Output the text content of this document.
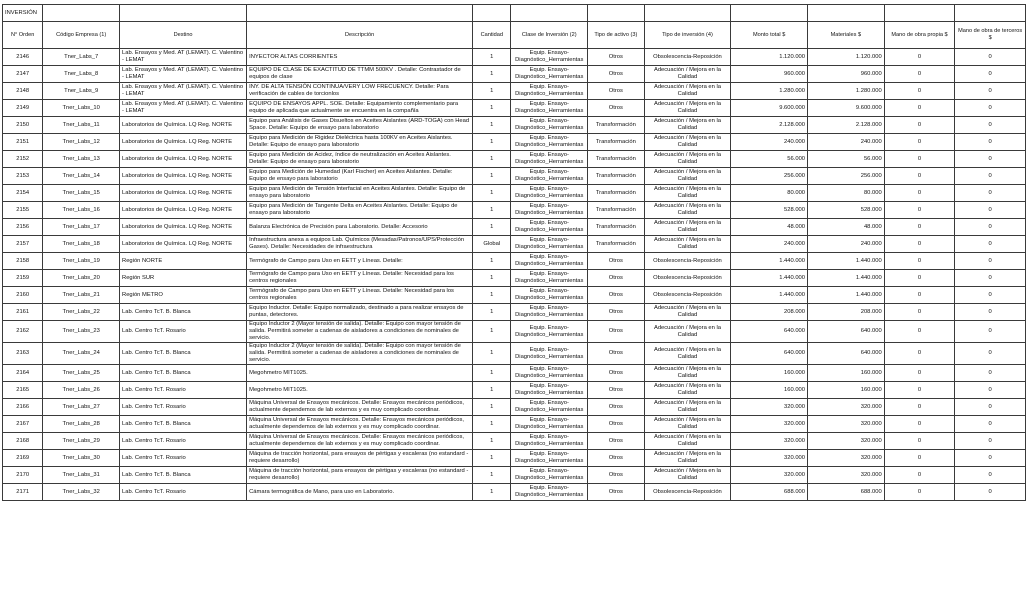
INVERSIÓN											
N° Orden	Código Empresa (1)	Destino	Descripción	Cantidad	Clase de Inversión (2)	Tipo de activo (3)	Tipo de inversión (4)	Monto total $	Materiales $	Mano de obra propia $	Mano de obra de terceros $
2146	Tner_Labs_7	Lab. Ensayos y Med. AT (LEMAT). C. Valentino - LEMAT	INYECTOR ALTAS CORRIENTES	1	Equip. Ensayo-Diagnóstico_Herramientas	Otros	Obsolescencia-Reposición	1.120.000	1.120.000	0	0
2147	Tner_Labs_8	Lab. Ensayos y Med. AT (LEMAT). C. Valentino - LEMAT	EQUIPO DE CLASE DE EXACTITUD DE TTMM 500KV . Detalle: Contrastador de equipos de clase	1	Equip. Ensayo-Diagnóstico_Herramientas	Otros	Adecuación / Mejora en la Calidad	960.000	960.000	0	0
2148	Tner_Labs_9	Lab. Ensayos y Med. AT (LEMAT). C. Valentino - LEMAT	INY. DE ALTA TENSIÓN CONTINUA/VERY LOW FRECUENCY. Detalle: Para verificación de cables de torcionlos	1	Equip. Ensayo-Diagnóstico_Herramientas	Otros	Adecuación / Mejora en la Calidad	1.280.000	1.280.000	0	0
2149	Tner_Labs_10	Lab. Ensayos y Med. AT (LEMAT). C. Valentino - LEMAT	EQUIPO DE ENSAYOS APPL. SOE. Detalle: Equipamiento complementario para equipo de aplicada que actualmente se encuentra en la compañía	1	Equip. Ensayo-Diagnóstico_Herramientas	Otros	Adecuación / Mejora en la Calidad	9.600.000	9.600.000	0	0
2150	Tner_Labs_11	Laboratorios de Química. LQ Reg. NORTE	Equipo para Análisis de Gases Disueltos en Aceites Aislantes (ARD-TOGA) con Head Space. Detalle: Equipo de ensayo para laboratorio	1	Equip. Ensayo-Diagnóstico_Herramientas	Transformación	Adecuación / Mejora en la Calidad	2.128.000	2.128.000	0	0
2151	Tner_Labs_12	Laboratorios de Química. LQ Reg. NORTE	Equipo para Medición de Rigidez Dieléctrica hasta 100KV en Aceites Aislantes. Detalle: Equipo de ensayo para laboratorio	1	Equip. Ensayo-Diagnóstico_Herramientas	Transformación	Adecuación / Mejora en la Calidad	240.000	240.000	0	0
2152	Tner_Labs_13	Laboratorios de Química. LQ Reg. NORTE	Equipo para Medición de Acidez, índice de neutralización en Aceites Aislantes. Detalle: Equipo de ensayo para laboratorio	1	Equip. Ensayo-Diagnóstico_Herramientas	Transformación	Adecuación / Mejora en la Calidad	56.000	56.000	0	0
2153	Tner_Labs_14	Laboratorios de Química. LQ Reg. NORTE	Equipo para Medición de Humedad (Karl Fischer) en Aceites Aislantes. Detalle: Equipo de ensayo para laboratorio	1	Equip. Ensayo-Diagnóstico_Herramientas	Transformación	Adecuación / Mejora en la Calidad	256.000	256.000	0	0
2154	Tner_Labs_15	Laboratorios de Química. LQ Reg. NORTE	Equipo para Medición de Tensión Interfacial en Aceites Aislantes. Detalle: Equipo de ensayo para laboratorio	1	Equip. Ensayo-Diagnóstico_Herramientas	Transformación	Adecuación / Mejora en la Calidad	80.000	80.000	0	0
2155	Tner_Labs_16	Laboratorios de Química. LQ Reg. NORTE	Equipo para Medición de Tangente Delta en Aceites Aislantes. Detalle: Equipo de ensayo para laboratorio	1	Equip. Ensayo-Diagnóstico_Herramientas	Transformación	Adecuación / Mejora en la Calidad	528.000	528.000	0	0
2156	Tner_Labs_17	Laboratorios de Química. LQ Reg. NORTE	Balanza Electrónica de Precisión para Laboratorio. Detalle: Accesorio	1	Equip. Ensayo-Diagnóstico_Herramientas	Transformación	Adecuación / Mejora en la Calidad	48.000	48.000	0	0
2157	Tner_Labs_18	Laboratorios de Química. LQ Reg. NORTE	Infraestructura anexa a equipos Lab. Químicos (Mesadas/Patronos/UPS/Protección Gases). Detalle: Necesidades de infraestructura	Global	Equip. Ensayo-Diagnóstico_Herramientas	Transformación	Adecuación / Mejora en la Calidad	240.000	240.000	0	0
2158	Tner_Labs_19	Región NORTE	Termógrafo de Campo para Uso en EETT y Líneas. Detalle:	1	Equip. Ensayo-Diagnóstico_Herramientas	Otros	Obsolescencia-Reposición	1.440.000	1.440.000	0	0
2159	Tner_Labs_20	Región SUR	Termógrafo de Campo para Uso en EETT y Líneas. Detalle: Necesidad para los centros regionales	1	Equip. Ensayo-Diagnóstico_Herramientas	Otros	Obsolescencia-Reposición	1.440.000	1.440.000	0	0
2160	Tner_Labs_21	Región METRO	Termógrafo de Campo para Uso en EETT y Líneas. Detalle: Necesidad para los centros regionales	1	Equip. Ensayo-Diagnóstico_Herramientas	Otros	Obsolescencia-Reposición	1.440.000	1.440.000	0	0
2161	Tner_Labs_22	Lab. Centro TcT. B. Blanca	Equipo Inductor. Detalle: Equipo normalizado, destinado a para realizar ensayos de puntas, detectores.	1	Equip. Ensayo-Diagnóstico_Herramientas	Otros	Adecuación / Mejora en la Calidad	208.000	208.000	0	0
2162	Tner_Labs_23	Lab. Centro TcT. Rosario	Equipo Inductor 2 (Mayor tensión de salida). Detalle: Equipo con mayor tensión de salida. Permitirá someter a cadenas de aisladores a condiciones de nominales de servicio.	1	Equip. Ensayo-Diagnóstico_Herramientas	Otros	Adecuación / Mejora en la Calidad	640.000	640.000	0	0
2163	Tner_Labs_24	Lab. Centro TcT. B. Blanca	Equipo Inductor 2 (Mayor tensión de salida). Detalle: Equipo con mayor tensión de salida. Permitirá someter a cadenas de aisladores a condiciones de nominales de servicio.	1	Equip. Ensayo-Diagnóstico_Herramientas	Otros	Adecuación / Mejora en la Calidad	640.000	640.000	0	0
2164	Tner_Labs_25	Lab. Centro TcT. B. Blanca	Megohmetro MIT1025.	1	Equip. Ensayo-Diagnóstico_Herramientas	Otros	Adecuación / Mejora en la Calidad	160.000	160.000	0	0
2165	Tner_Labs_26	Lab. Centro TcT. Rosario	Megohmetro MIT1025.	1	Equip. Ensayo-Diagnóstico_Herramientas	Otros	Adecuación / Mejora en la Calidad	160.000	160.000	0	0
2166	Tner_Labs_27	Lab. Centro TcT. Rosario	Máquina Universal de Ensayos mecánicos. Detalle: Ensayos mecánicos periódicos, actualmente dependemos de lab externos y es muy complicado coordinar.	1	Equip. Ensayo-Diagnóstico_Herramientas	Otros	Adecuación / Mejora en la Calidad	320.000	320.000	0	0
2167	Tner_Labs_28	Lab. Centro TcT. B. Blanca	Máquina Universal de Ensayos mecánicos. Detalle: Ensayos mecánicos periódicos, actualmente dependemos de lab externos y es muy complicado coordinar.	1	Equip. Ensayo-Diagnóstico_Herramientas	Otros	Adecuación / Mejora en la Calidad	320.000	320.000	0	0
2168	Tner_Labs_29	Lab. Centro TcT. Rosario	Máquina Universal de Ensayos mecánicos. Detalle: Ensayos mecánicos periódicos, actualmente dependemos de lab externos y es muy complicado coordinar.	1	Equip. Ensayo-Diagnóstico_Herramientas	Otros	Adecuación / Mejora en la Calidad	320.000	320.000	0	0
2169	Tner_Labs_30	Lab. Centro TcT. Rosario	Máquina de tracción horizontal, para ensayos de pértigas y escaleras (no estandard - requiere desarrollo)	1	Equip. Ensayo-Diagnóstico_Herramientas	Otros	Adecuación / Mejora en la Calidad	320.000	320.000	0	0
2170	Tner_Labs_31	Lab. Centro TcT. B. Blanca	Máquina de tracción horizontal, para ensayos de pértigas y escaleras (no estandard - requiere desarrollo)	1	Equip. Ensayo-Diagnóstico_Herramientas	Otros	Adecuación / Mejora en la Calidad	320.000	320.000	0	0
2171	Tner_Labs_32	Lab. Centro TcT. Rosario	Cámara termográfica de Mano, para uso en Laboratorio.	1	Equip. Ensayo-Diagnóstico_Herramientas	Otros	Obsolescencia-Reposición	688.000	688.000	0	0
